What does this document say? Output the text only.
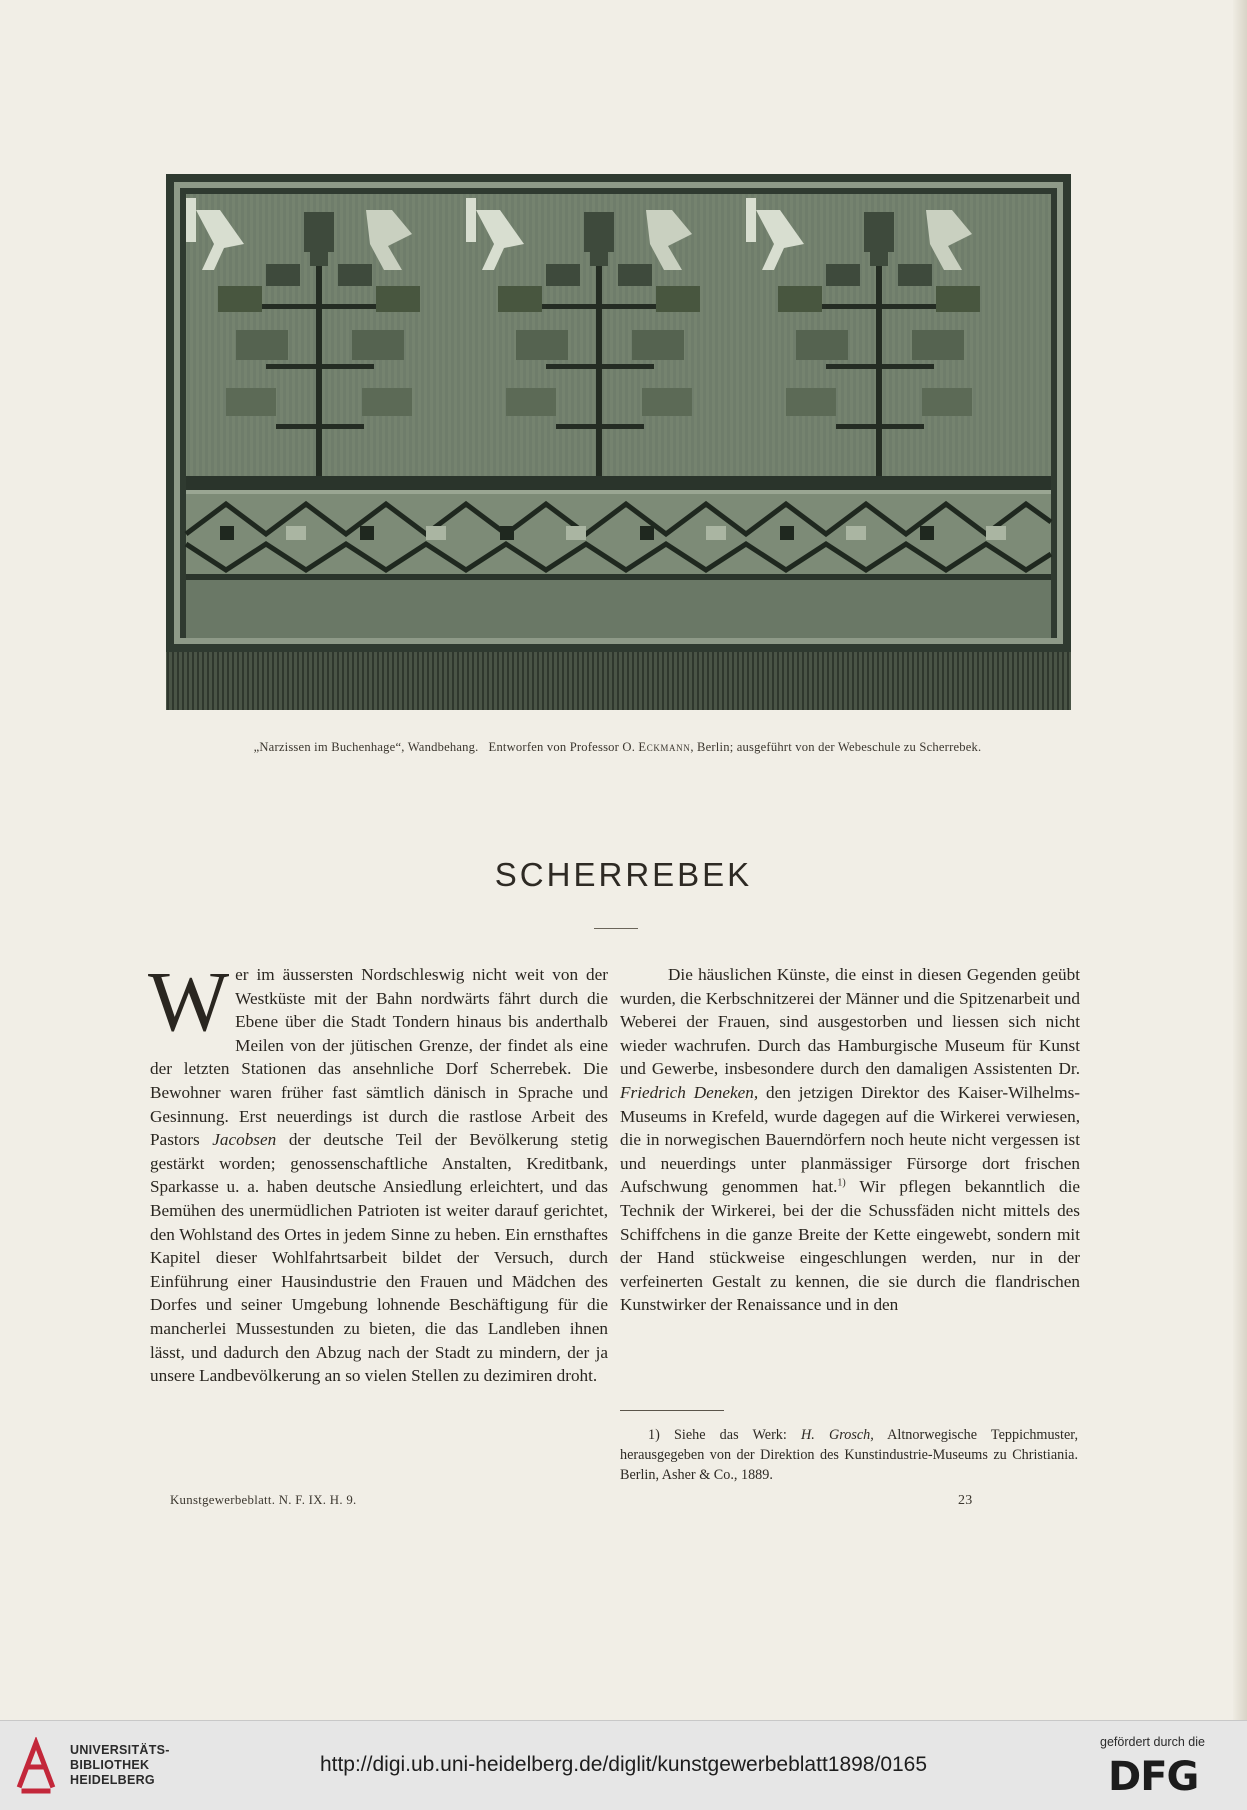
„Narzissen im Buchenhage“, Wandbehang. Entworfen von Professor O. Eckmann, Berlin; ausgeführt von der Webeschule zu Scherrebek.
SCHERREBEK

Wer im äussersten Nordschleswig nicht weit von der Westküste mit der Bahn nordwärts fährt durch die Ebene über die Stadt Tondern hinaus bis anderthalb Meilen von der jütischen Grenze, der findet als eine der letzten Stationen das ansehnliche Dorf Scherrebek. Die Bewohner waren früher fast sämtlich dänisch in Sprache und Gesinnung. Erst neuerdings ist durch die rastlose Arbeit des Pastors Jacobsen der deutsche Teil der Bevölkerung stetig gestärkt worden; genossenschaftliche Anstalten, Kreditbank, Sparkasse u. a. haben deutsche Ansiedlung erleichtert, und das Bemühen des unermüdlichen Patrioten ist weiter darauf gerichtet, den Wohlstand des Ortes in jedem Sinne zu heben. Ein ernsthaftes Kapitel dieser Wohlfahrtsarbeit bildet der Versuch, durch Einführung einer Hausindustrie den Frauen und Mädchen des Dorfes und seiner Umgebung lohnende Beschäftigung für die mancherlei Mussestunden zu bieten, die das Landleben ihnen lässt, und dadurch den Abzug nach der Stadt zu mindern, der ja unsere Landbevölkerung an so vielen Stellen zu dezimiren droht.

Die häuslichen Künste, die einst in diesen Gegenden geübt wurden, die Kerbschnitzerei der Männer und die Spitzenarbeit und Weberei der Frauen, sind ausgestorben und liessen sich nicht wieder wachrufen. Durch das Hamburgische Museum für Kunst und Gewerbe, insbesondere durch den damaligen Assistenten Dr. Friedrich Deneken, den jetzigen Direktor des Kaiser-Wilhelms-Museums in Krefeld, wurde dagegen auf die Wirkerei verwiesen, die in norwegischen Bauerndörfern noch heute nicht vergessen ist und neuerdings unter planmässiger Fürsorge dort frischen Aufschwung genommen hat.$^{1)}$ Wir pflegen bekanntlich die Technik der Wirkerei, bei der die Schussfäden nicht mittels des Schiffchens in die ganze Breite der Kette eingewebt, sondern mit der Hand stückweise eingeschlungen werden, nur in der verfeinerten Gestalt zu kennen, die sie durch die flandrischen Kunstwirker der Renaissance und in den

1) Siehe das Werk: H. Grosch, Altnorwegische Teppichmuster, herausgegeben von der Direktion des Kunstindustrie-Museums zu Christiania. Berlin, Asher & Co., 1889.

Kunstgewerbeblatt. N. F. IX. H. 9.	23
UNIVERSITÄTS-
BIBLIOTHEK
HEIDELBERG
http://digi.ub.uni-heidelberg.de/diglit/kunstgewerbeblatt1898/0165
gefördert durch die
DFG
